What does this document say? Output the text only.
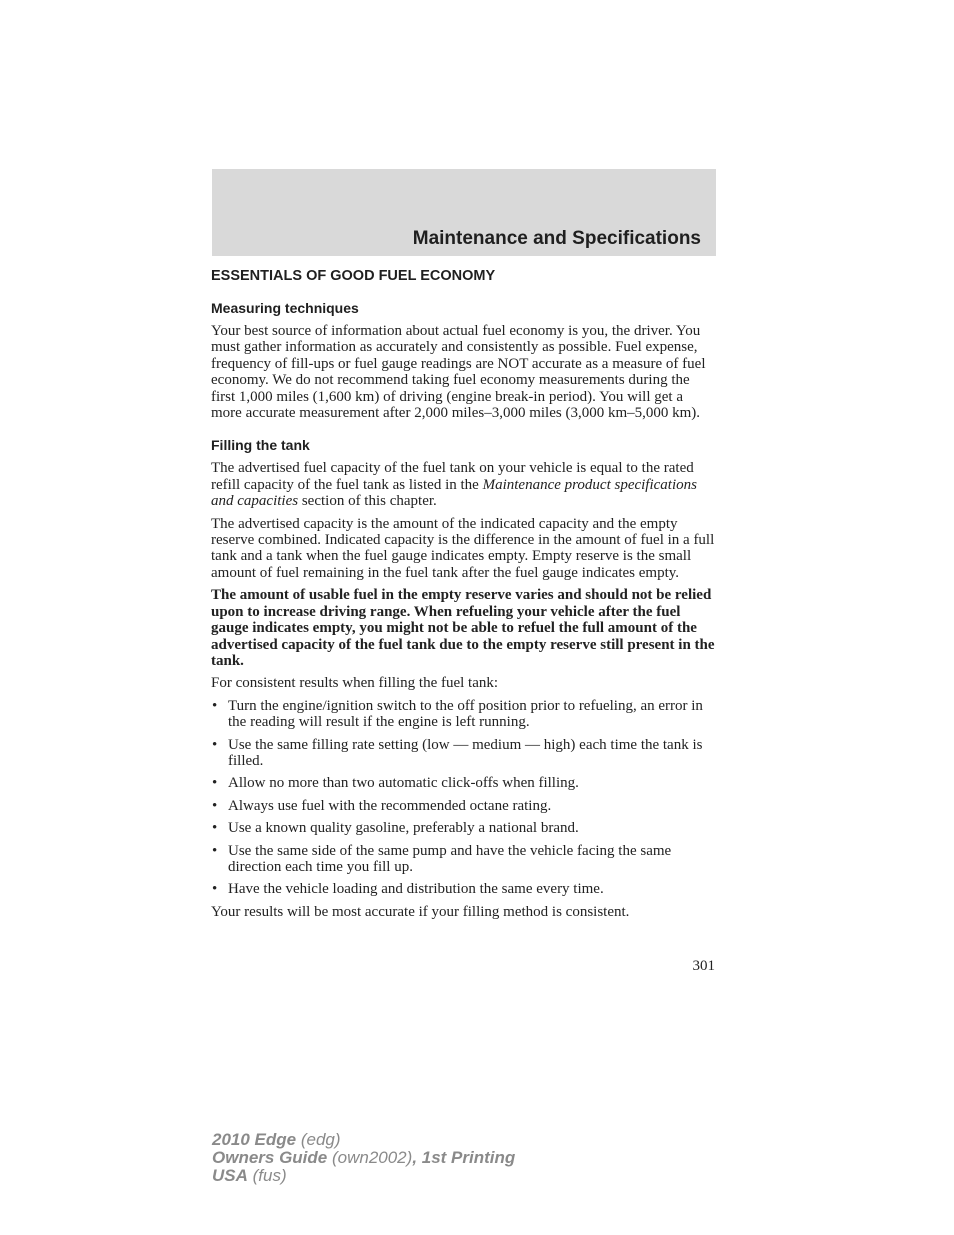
Maintenance and Specifications
ESSENTIALS OF GOOD FUEL ECONOMY
Measuring techniques

Your best source of information about actual fuel economy is you, the driver. You must gather information as accurately and consistently as possible. Fuel expense, frequency of fill-ups or fuel gauge readings are NOT accurate as a measure of fuel economy. We do not recommend taking fuel economy measurements during the first 1,000 miles (1,600 km) of driving (engine break-in period). You will get a more accurate measurement after 2,000 miles–3,000 miles (3,000 km–5,000 km).

Filling the tank

The advertised fuel capacity of the fuel tank on your vehicle is equal to the rated refill capacity of the fuel tank as listed in the Maintenance product specifications and capacities section of this chapter.

The advertised capacity is the amount of the indicated capacity and the empty reserve combined. Indicated capacity is the difference in the amount of fuel in a full tank and a tank when the fuel gauge indicates empty. Empty reserve is the small amount of fuel remaining in the fuel tank after the fuel gauge indicates empty.

The amount of usable fuel in the empty reserve varies and should not be relied upon to increase driving range. When refueling your vehicle after the fuel gauge indicates empty, you might not be able to refuel the full amount of the advertised capacity of the fuel tank due to the empty reserve still present in the tank.

For consistent results when filling the fuel tank:

• Turn the engine/ignition switch to the off position prior to refueling, an error in the reading will result if the engine is left running.
• Use the same filling rate setting (low — medium — high) each time the tank is filled.
• Allow no more than two automatic click-offs when filling.
• Always use fuel with the recommended octane rating.
• Use a known quality gasoline, preferably a national brand.
• Use the same side of the same pump and have the vehicle facing the same direction each time you fill up.
• Have the vehicle loading and distribution the same every time.

Your results will be most accurate if your filling method is consistent.

301

2010 Edge (edg)
Owners Guide (own2002), 1st Printing
USA (fus)
